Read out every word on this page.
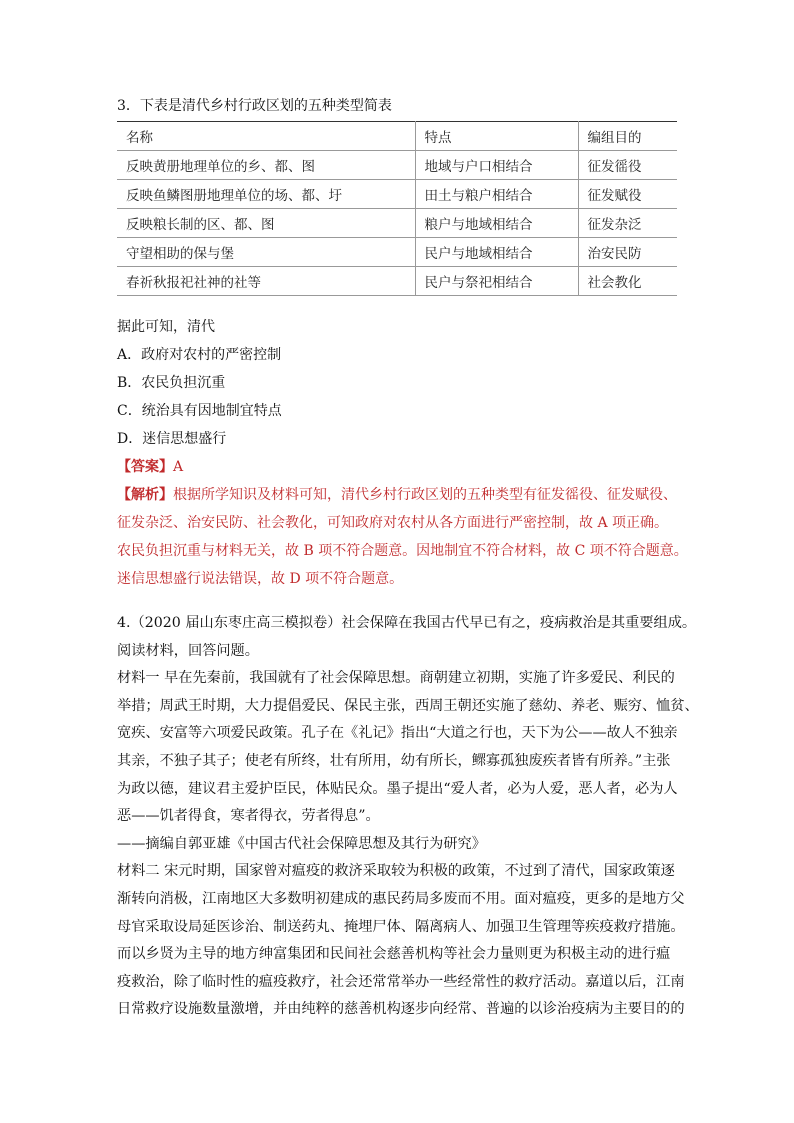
3．下表是清代乡村行政区划的五种类型简表
名称	特点	编组目的
反映黄册地理单位的乡、都、图	地域与户口相结合	征发徭役
反映鱼鳞图册地理单位的场、都、圩	田土与粮户相结合	征发赋役
反映粮长制的区、都、图	粮户与地域相结合	征发杂泛
守望相助的保与堡	民户与地域相结合	治安民防
春祈秋报祀社神的社等	民户与祭祀相结合	社会教化
据此可知，清代
A．政府对农村的严密控制
B．农民负担沉重
C．统治具有因地制宜特点
D．迷信思想盛行
【答案】A
【解析】根据所学知识及材料可知，清代乡村行政区划的五种类型有征发徭役、征发赋役、
征发杂泛、治安民防、社会教化，可知政府对农村从各方面进行严密控制，故 A 项正确。
农民负担沉重与材料无关，故 B 项不符合题意。因地制宜不符合材料，故 C 项不符合题意。
迷信思想盛行说法错误，故 D 项不符合题意。
4.（2020 届山东枣庄高三模拟卷）社会保障在我国古代早已有之，疫病救治是其重要组成。
阅读材料，回答问题。
材料一 早在先秦前，我国就有了社会保障思想。商朝建立初期，实施了许多爱民、利民的
举措；周武王时期，大力提倡爱民、保民主张，西周王朝还实施了慈幼、养老、赈穷、恤贫、
宽疾、安富等六项爱民政策。孔子在《礼记》指出“大道之行也，天下为公——故人不独亲
其亲，不独子其子；使老有所终，壮有所用，幼有所长，鳏寡孤独废疾者皆有所养。”主张
为政以德，建议君主爱护臣民，体贴民众。墨子提出“爱人者，必为人爱，恶人者，必为人
恶——饥者得食，寒者得衣，劳者得息”。
——摘编自郭亚雄《中国古代社会保障思想及其行为研究》
材料二 宋元时期，国家曾对瘟疫的救济采取较为积极的政策，不过到了清代，国家政策逐
渐转向消极，江南地区大多数明初建成的惠民药局多废而不用。面对瘟疫，更多的是地方父
母官采取设局延医诊治、制送药丸、掩埋尸体、隔离病人、加强卫生管理等疾疫救疗措施。
而以乡贤为主导的地方绅富集团和民间社会慈善机构等社会力量则更为积极主动的进行瘟
疫救治，除了临时性的瘟疫救疗，社会还常常举办一些经常性的救疗活动。嘉道以后，江南
日常救疗设施数量激增，并由纯粹的慈善机构逐步向经常、普遍的以诊治疫病为主要目的的
